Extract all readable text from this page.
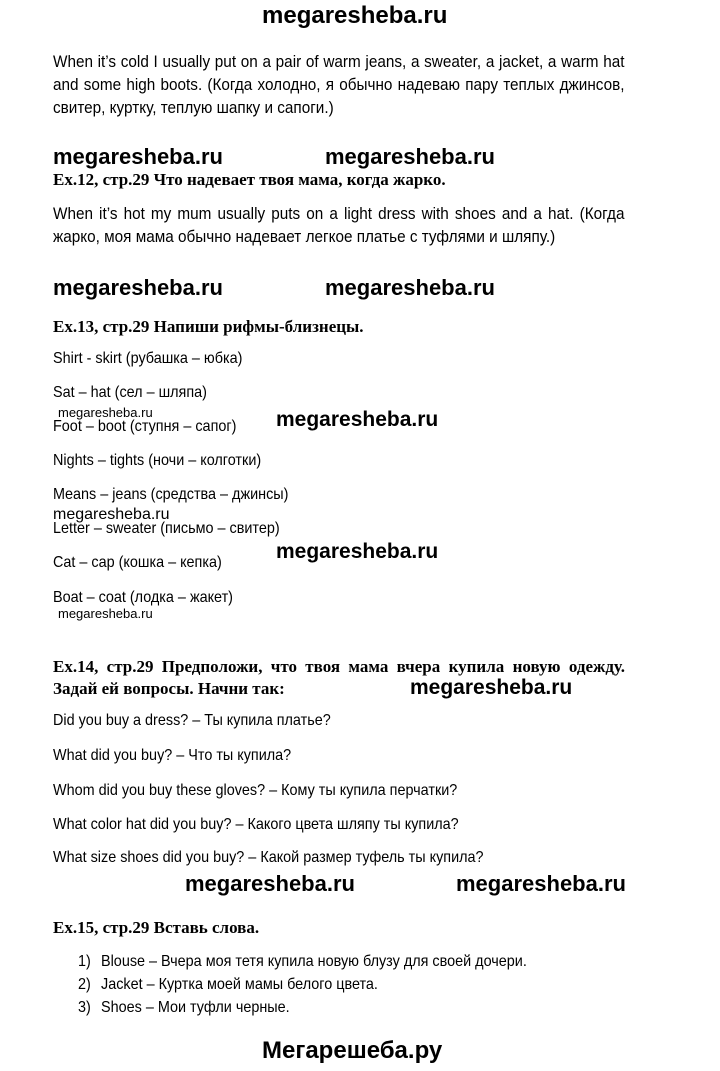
megaresheba.ru
When it’s cold I usually put on a pair of warm jeans, a sweater, a jacket, a warm hat and some high boots. (Когда холодно, я обычно надеваю пару теплых джинсов, свитер, куртку, теплую шапку и сапоги.)
megaresheba.ru	megaresheba.ru
Ex.12, стр.29 Что надевает твоя мама, когда жарко.
When it’s hot my mum usually puts on a light dress with shoes and a hat. (Когда жарко, моя мама обычно надевает легкое платье с туфлями и шляпу.)
megaresheba.ru	megaresheba.ru
Ex.13, стр.29 Напиши рифмы-близнецы.
Shirt - skirt (рубашка – юбка)
Sat – hat (сел – шляпа)
megaresheba.ru	megaresheba.ru
Foot – boot (ступня – сапог)
Nights – tights (ночи – колготки)
Means – jeans (средства – джинсы)
megaresheba.ru
Letter – sweater (письмо – свитер)
megaresheba.ru
Cat – cap (кошка – кепка)
Boat – coat (лодка – жакет)
megaresheba.ru
Ex.14, стр.29 Предположи, что твоя мама вчера купила новую одежду. Задай ей вопросы. Начни так:	megaresheba.ru
Did you buy a dress? – Ты купила платье?
What did you buy? – Что ты купила?
Whom did you buy these gloves? – Кому ты купила перчатки?
What color hat did you buy? – Какого цвета шляпу ты купила?
What size shoes did you buy? – Какой размер туфель ты купила?
megaresheba.ru	megaresheba.ru
Ex.15, стр.29 Вставь слова.
1) Blouse – Вчера моя тетя купила новую блузу для своей дочери.
2) Jacket – Куртка моей мамы белого цвета.
3) Shoes – Мои туфли черные.
Мегарешеба.ру
